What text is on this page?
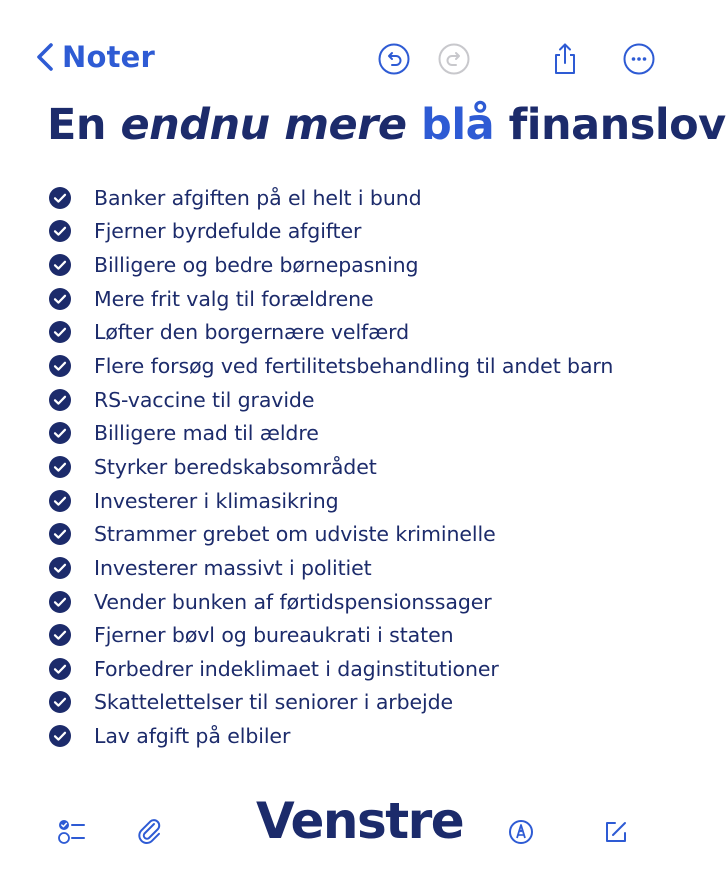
Noter
En endnu mere blå finanslov
Banker afgiften på el helt i bund
Fjerner byrdefulde afgifter
Billigere og bedre børnepasning
Mere frit valg til forældrene
Løfter den borgernære velfærd
Flere forsøg ved fertilitetsbehandling til andet barn
RS-vaccine til gravide
Billigere mad til ældre
Styrker beredskabsområdet
Investerer i klimasikring
Strammer grebet om udviste kriminelle
Investerer massivt i politiet
Vender bunken af førtidspensionssager
Fjerner bøvl og bureaukrati i staten
Forbedrer indeklimaet i daginstitutioner
Skattelettelser til seniorer i arbejde
Lav afgift på elbiler
Venstre
